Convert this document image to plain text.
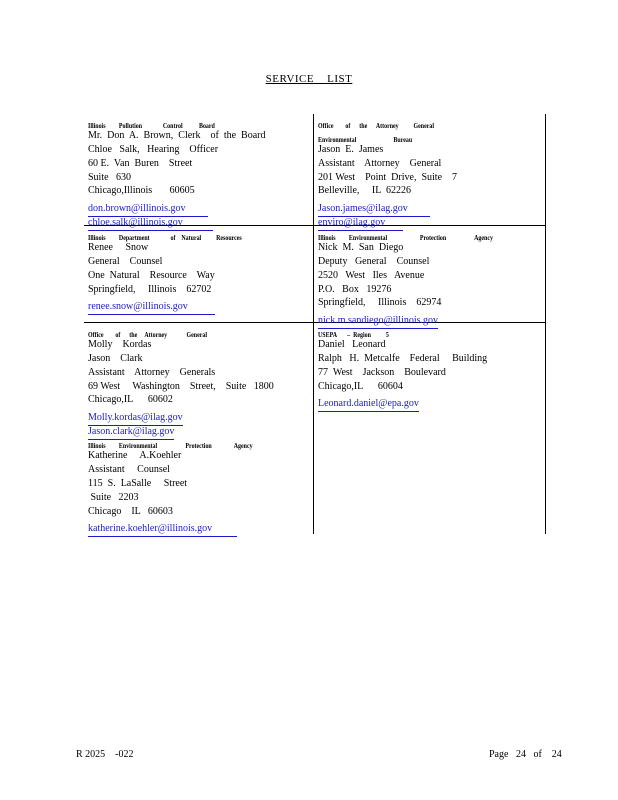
SERVICE    LIST
Illinois         Pollution              Control           Board
Mr.  Don  A.  Brown,  Clerk    of  the  Board
Chloe   Salk,   Hearing    Officer
60 E.  Van  Buren    Street
Suite   630
Chicago,Illinois       60605
don.brown@illinois.gov
chloe.salk@illinois.gov
Office        of      the      Attorney          General
Environmental                         Bureau
Jason  E.  James
Assistant    Attorney    General
201 West    Point  Drive,  Suite    7
Belleville,     IL  62226
Jason.james@ilag.gov
enviro@ilag.gov
Illinois         Department              of    Natural          Resources
Renee     Snow
General    Counsel
One  Natural    Resource    Way
Springfield,     Illinois    62702
renee.snow@illinois.gov
Illinois         Environmental                      Protection                   Agency
Nick  M.  San  Diego
Deputy   General    Counsel
2520   West   Iles   Avenue
P.O.   Box   19276
Springfield,     Illinois    62974
nick.m.sandiego@illinois.gov
Office        of      the     Attorney             General
Molly    Kordas
Jason    Clark
Assistant    Attorney    Generals
69 West     Washington    Street,    Suite   1800
Chicago,IL      60602
Molly.kordas@ilag.gov
Jason.clark@ilag.gov
Illinois         Environmental                   Protection               Agency
Katherine     A.Koehler
Assistant     Counsel
115  S.  LaSalle     Street
Suite   2203
Chicago    IL   60603
katherine.koehler@illinois.gov
USEPA       –  Region          5
Daniel   Leonard
Ralph   H.  Metcalfe    Federal     Building
77  West    Jackson    Boulevard
Chicago,IL      60604
Leonard.daniel@epa.gov
R 2025    -022	Page   24   of    24
